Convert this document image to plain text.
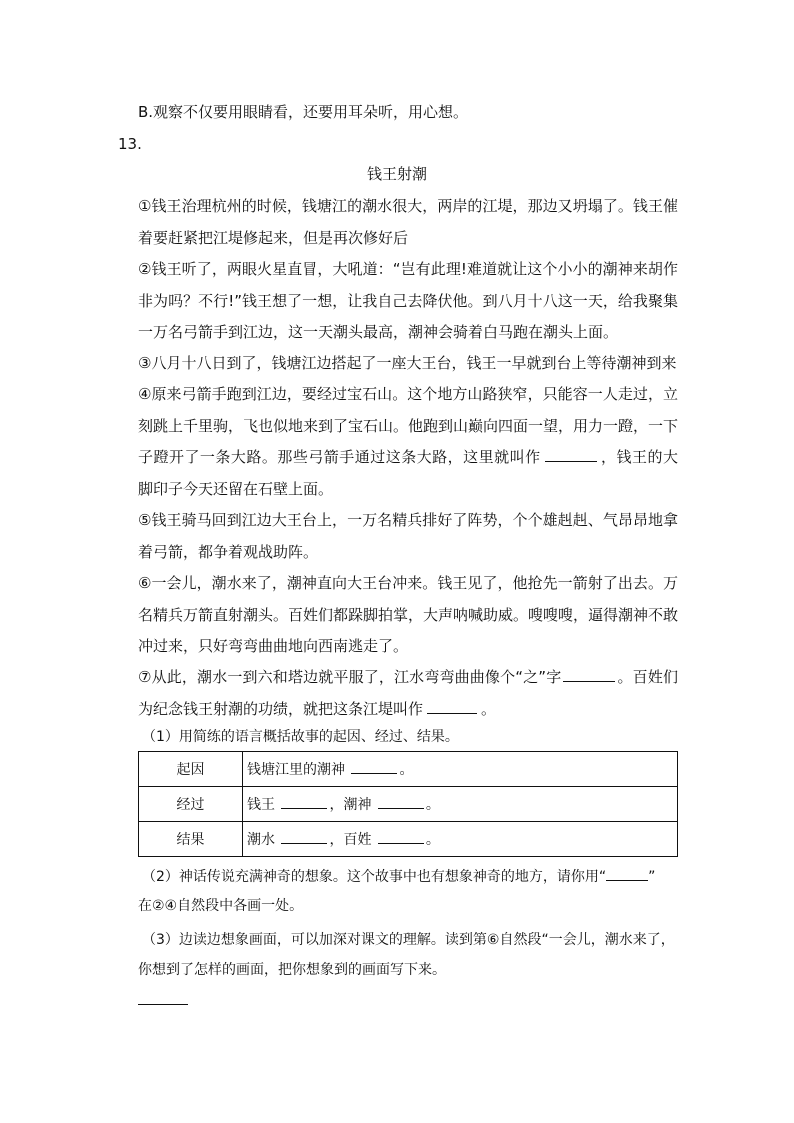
B.观察不仅要用眼睛看，还要用耳朵听，用心想。
13.
钱王射潮
①钱王治理杭州的时候，钱塘江的潮水很大，两岸的江堤，那边又坍塌了。钱王催着要赶紧把江堤修起来，但是再次修好后
②钱王听了，两眼火星直冒，大吼道：“岂有此理!难道就让这个小小的潮神来胡作非为吗？不行!”钱王想了一想，让我自己去降伏他。到八月十八这一天，给我聚集一万名弓箭手到江边，这一天潮头最高，潮神会骑着白马跑在潮头上面。
③八月十八日到了，钱塘江边搭起了一座大王台，钱王一早就到台上等待潮神到来
④原来弓箭手跑到江边，要经过宝石山。这个地方山路狭窄，只能容一人走过，立刻跳上千里驹，飞也似地来到了宝石山。他跑到山巅向四面一望，用力一蹬，一下子蹬开了一条大路。那些弓箭手通过这条大路，这里就叫作	，钱王的大脚印子今天还留在石壁上面。
⑤钱王骑马回到江边大王台上，一万名精兵排好了阵势，个个雄赳赳、气昂昂地拿着弓箭，都争着观战助阵。
⑥一会儿，潮水来了，潮神直向大王台冲来。钱王见了，他抢先一箭射了出去。万名精兵万箭直射潮头。百姓们都跺脚拍掌，大声呐喊助威。嗖嗖嗖，逼得潮神不敢冲过来，只好弯弯曲曲地向西南逃走了。
⑦从此，潮水一到六和塔边就平服了，江水弯弯曲曲像个“之”字	。百姓们为纪念钱王射潮的功绩，就把这条江堤叫作	。
（1）用简练的语言概括故事的起因、经过、结果。
起因	钱塘江里的潮神 。
经过	钱王 ，潮神 。
结果	潮水 ，百姓 。
（2）神话传说充满神奇的想象。这个故事中也有想象神奇的地方，请你用“	”
在②④自然段中各画一处。
（3）边读边想象画面，可以加深对课文的理解。读到第⑥自然段“一会儿，潮水来了，
你想到了怎样的画面，把你想象到的画面写下来。
